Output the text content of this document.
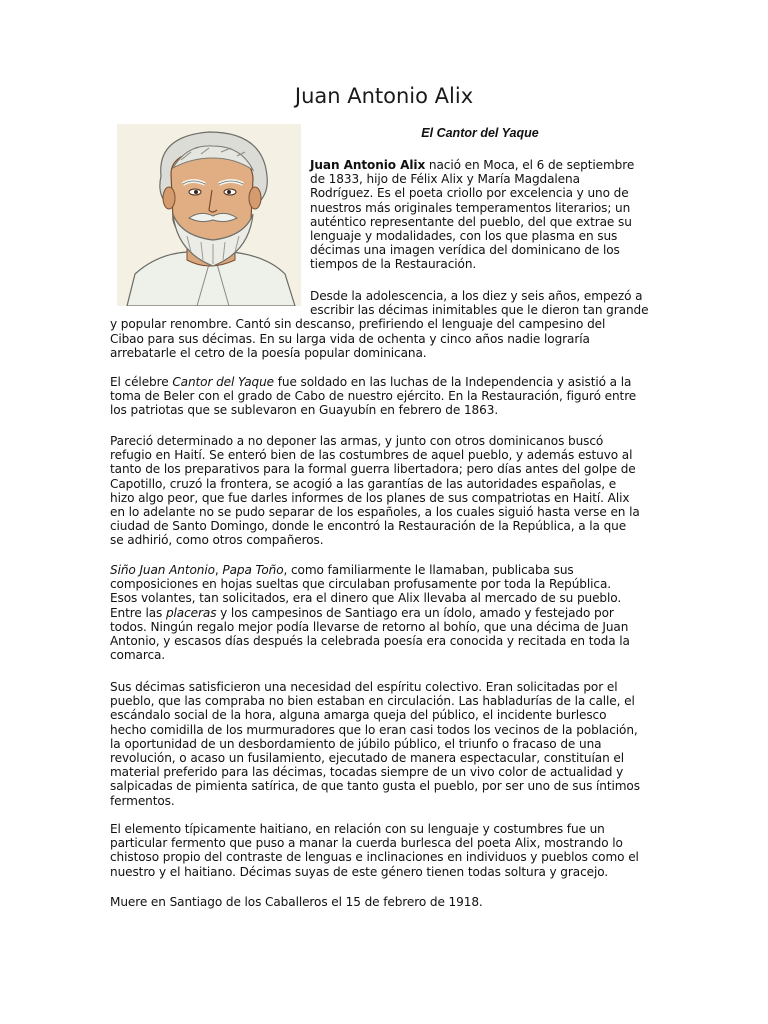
Juan Antonio Alix
El Cantor del Yaque

Juan Antonio Alix nació en Moca, el 6 de septiembre
de 1833, hijo de Félix Alix y María Magdalena
Rodríguez. Es el poeta criollo por excelencia y uno de
nuestros más originales temperamentos literarios; un
auténtico representante del pueblo, del que extrae su
lenguaje y modalidades, con los que plasma en sus
décimas una imagen verídica del dominicano de los
tiempos de la Restauración.

Desde la adolescencia, a los diez y seis años, empezó a
escribir las décimas inimitables que le dieron tan grande
y popular renombre. Cantó sin descanso, prefiriendo el lenguaje del campesino del
Cibao para sus décimas. En su larga vida de ochenta y cinco años nadie lograría
arrebatarle el cetro de la poesía popular dominicana.

El célebre Cantor del Yaque fue soldado en las luchas de la Independencia y asistió a la
toma de Beler con el grado de Cabo de nuestro ejército. En la Restauración, figuró entre
los patriotas que se sublevaron en Guayubín en febrero de 1863.

Pareció determinado a no deponer las armas, y junto con otros dominicanos buscó
refugio en Haití. Se enteró bien de las costumbres de aquel pueblo, y además estuvo al
tanto de los preparativos para la formal guerra libertadora; pero días antes del golpe de
Capotillo, cruzó la frontera, se acogió a las garantías de las autoridades españolas, e
hizo algo peor, que fue darles informes de los planes de sus compatriotas en Haití. Alix
en lo adelante no se pudo separar de los españoles, a los cuales siguió hasta verse en la
ciudad de Santo Domingo, donde le encontró la Restauración de la República, a la que
se adhirió, como otros compañeros.

Siño Juan Antonio, Papa Toño, como familiarmente le llamaban, publicaba sus
composiciones en hojas sueltas que circulaban profusamente por toda la República.
Esos volantes, tan solicitados, era el dinero que Alix llevaba al mercado de su pueblo.
Entre las placeras y los campesinos de Santiago era un ídolo, amado y festejado por
todos. Ningún regalo mejor podía llevarse de retorno al bohío, que una décima de Juan
Antonio, y escasos días después la celebrada poesía era conocida y recitada en toda la
comarca.

Sus décimas satisficieron una necesidad del espíritu colectivo. Eran solicitadas por el
pueblo, que las compraba no bien estaban en circulación. Las habladurías de la calle, el
escándalo social de la hora, alguna amarga queja del público, el incidente burlesco
hecho comidilla de los murmuradores que lo eran casi todos los vecinos de la población,
la oportunidad de un desbordamiento de júbilo público, el triunfo o fracaso de una
revolución, o acaso un fusilamiento, ejecutado de manera espectacular, constituían el
material preferido para las décimas, tocadas siempre de un vivo color de actualidad y
salpicadas de pimienta satírica, de que tanto gusta el pueblo, por ser uno de sus íntimos
fermentos.

El elemento típicamente haitiano, en relación con su lenguaje y costumbres fue un
particular fermento que puso a manar la cuerda burlesca del poeta Alix, mostrando lo
chistoso propio del contraste de lenguas e inclinaciones en individuos y pueblos como el
nuestro y el haitiano. Décimas suyas de este género tienen todas soltura y gracejo.

Muere en Santiago de los Caballeros el 15 de febrero de 1918.
